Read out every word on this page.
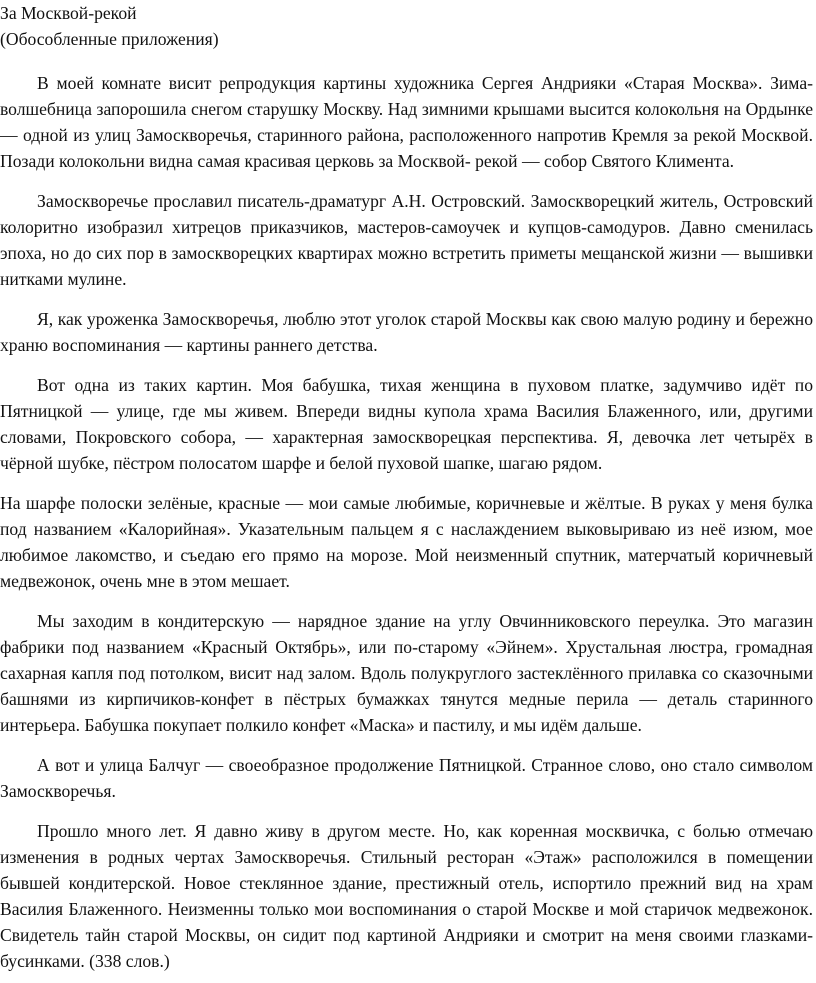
За Москвой-рекой

(Обособленные приложения)

В моей комнате висит репродукция картины художника Сергея Андрияки «Старая Москва». Зима-волшебница запорошила снегом старушку Москву. Над зимними крышами высится колокольня на Ордынке — одной из улиц Замоскворечья, старинного района, расположенного напротив Кремля за рекой Москвой. Позади колокольни видна самая красивая церковь за Москвой- рекой — собор Святого Климента.

Замоскворечье прославил писатель-драматург А.Н. Островский. Замоскворецкий житель, Островский колоритно изобразил хитрецов приказчиков, мастеров-самоучек и купцов-самодуров. Давно сменилась эпоха, но до сих пор в замоскворецких квартирах можно встретить приметы мещанской жизни — вышивки нитками мулине.

Я, как уроженка Замоскворечья, люблю этот уголок старой Москвы как свою малую родину и бережно храню воспоминания — картины раннего детства.

Вот одна из таких картин. Моя бабушка, тихая женщина в пуховом платке, задумчиво идёт по Пятницкой — улице, где мы живем. Впереди видны купола храма Василия Блаженного, или, другими словами, Покровского собора, — характерная замоскворецкая перспектива. Я, девочка лет четырёх в чёрной шубке, пёстром полосатом шарфе и белой пуховой шапке, шагаю рядом.

На шарфе полоски зелёные, красные — мои самые любимые, коричневые и жёлтые. В руках у меня булка под названием «Калорийная». Указательным пальцем я с наслаждением выковыриваю из неё изюм, мое любимое лакомство, и съедаю его прямо на морозе. Мой неизменный спутник, матерчатый коричневый медвежонок, очень мне в этом мешает.

Мы заходим в кондитерскую — нарядное здание на углу Овчинниковского переулка. Это магазин фабрики под названием «Красный Октябрь», или по-старому «Эйнем». Хрустальная люстра, громадная сахарная капля под потолком, висит над залом. Вдоль полукруглого застеклённого прилавка со сказочными башнями из кирпичиков-конфет в пёстрых бумажках тянутся медные перила — деталь старинного интерьера. Бабушка покупает полкило конфет «Маска» и пастилу, и мы идём дальше.

А вот и улица Балчуг — своеобразное продолжение Пятницкой. Странное слово, оно стало символом Замоскворечья.

Прошло много лет. Я давно живу в другом месте. Но, как коренная москвичка, с болью отмечаю изменения в родных чертах Замоскворечья. Стильный ресторан «Этаж» расположился в помещении бывшей кондитерской. Новое стеклянное здание, престижный отель, испортило прежний вид на храм Василия Блаженного. Неизменны только мои воспоминания о старой Москве и мой старичок медвежонок. Свидетель тайн старой Москвы, он сидит под картиной Андрияки и смотрит на меня своими глазками-бусинками. (338 слов.)
